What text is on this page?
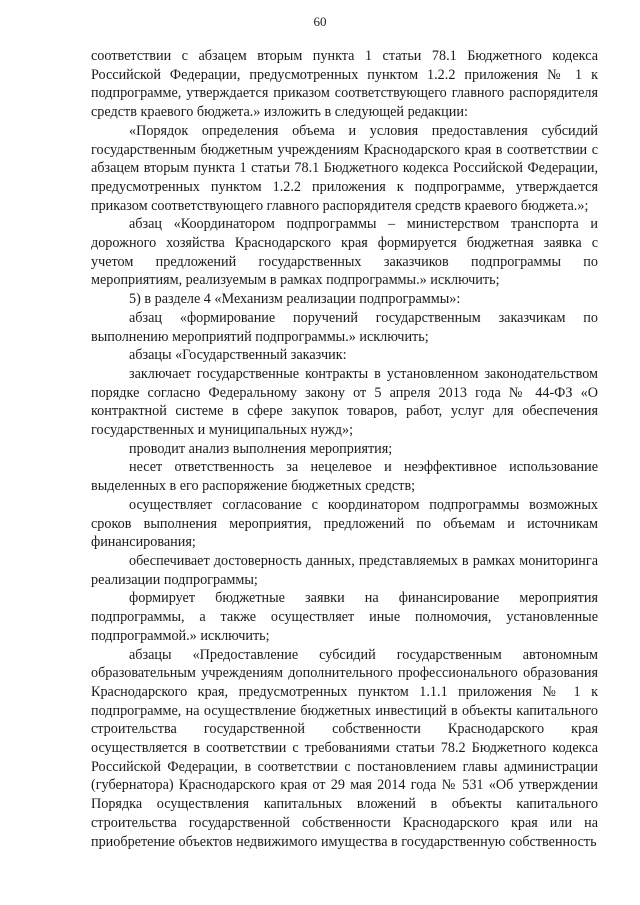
60

соответствии с абзацем вторым пункта 1 статьи 78.1 Бюджетного кодекса Российской Федерации, предусмотренных пунктом 1.2.2 приложения № 1 к подпрограмме, утверждается приказом соответствующего главного распорядителя средств краевого бюджета.» изложить в следующей редакции:

«Порядок определения объема и условия предоставления субсидий государственным бюджетным учреждениям Краснодарского края в соответствии с абзацем вторым пункта 1 статьи 78.1 Бюджетного кодекса Российской Федерации, предусмотренных пунктом 1.2.2 приложения к подпрограмме, утверждается приказом соответствующего главного распорядителя средств краевого бюджета.»;

абзац «Координатором подпрограммы – министерством транспорта и дорожного хозяйства Краснодарского края формируется бюджетная заявка с учетом предложений государственных заказчиков подпрограммы по мероприятиям, реализуемым в рамках подпрограммы.» исключить;

5) в разделе 4 «Механизм реализации подпрограммы»:

абзац «формирование поручений государственным заказчикам по выполнению мероприятий подпрограммы.» исключить;

абзацы «Государственный заказчик:

заключает государственные контракты в установленном законодательством порядке согласно Федеральному закону от 5 апреля 2013 года № 44-ФЗ «О контрактной системе в сфере закупок товаров, работ, услуг для обеспечения государственных и муниципальных нужд»;

проводит анализ выполнения мероприятия;

несет ответственность за нецелевое и неэффективное использование выделенных в его распоряжение бюджетных средств;

осуществляет согласование с координатором подпрограммы возможных сроков выполнения мероприятия, предложений по объемам и источникам финансирования;

обеспечивает достоверность данных, представляемых в рамках мониторинга реализации подпрограммы;

формирует бюджетные заявки на финансирование мероприятия подпрограммы, а также осуществляет иные полномочия, установленные подпрограммой.» исключить;

абзацы «Предоставление субсидий государственным автономным образовательным учреждениям дополнительного профессионального образования Краснодарского края, предусмотренных пунктом 1.1.1 приложения № 1 к подпрограмме, на осуществление бюджетных инвестиций в объекты капитального строительства государственной собственности Краснодарского края осуществляется в соответствии с требованиями статьи 78.2 Бюджетного кодекса Российской Федерации, в соответствии с постановлением главы администрации (губернатора) Краснодарского края от 29 мая 2014 года № 531 «Об утверждении Порядка осуществления капитальных вложений в объекты капитального строительства государственной собственности Краснодарского края или на приобретение объектов недвижимого имущества в государственную собственность
